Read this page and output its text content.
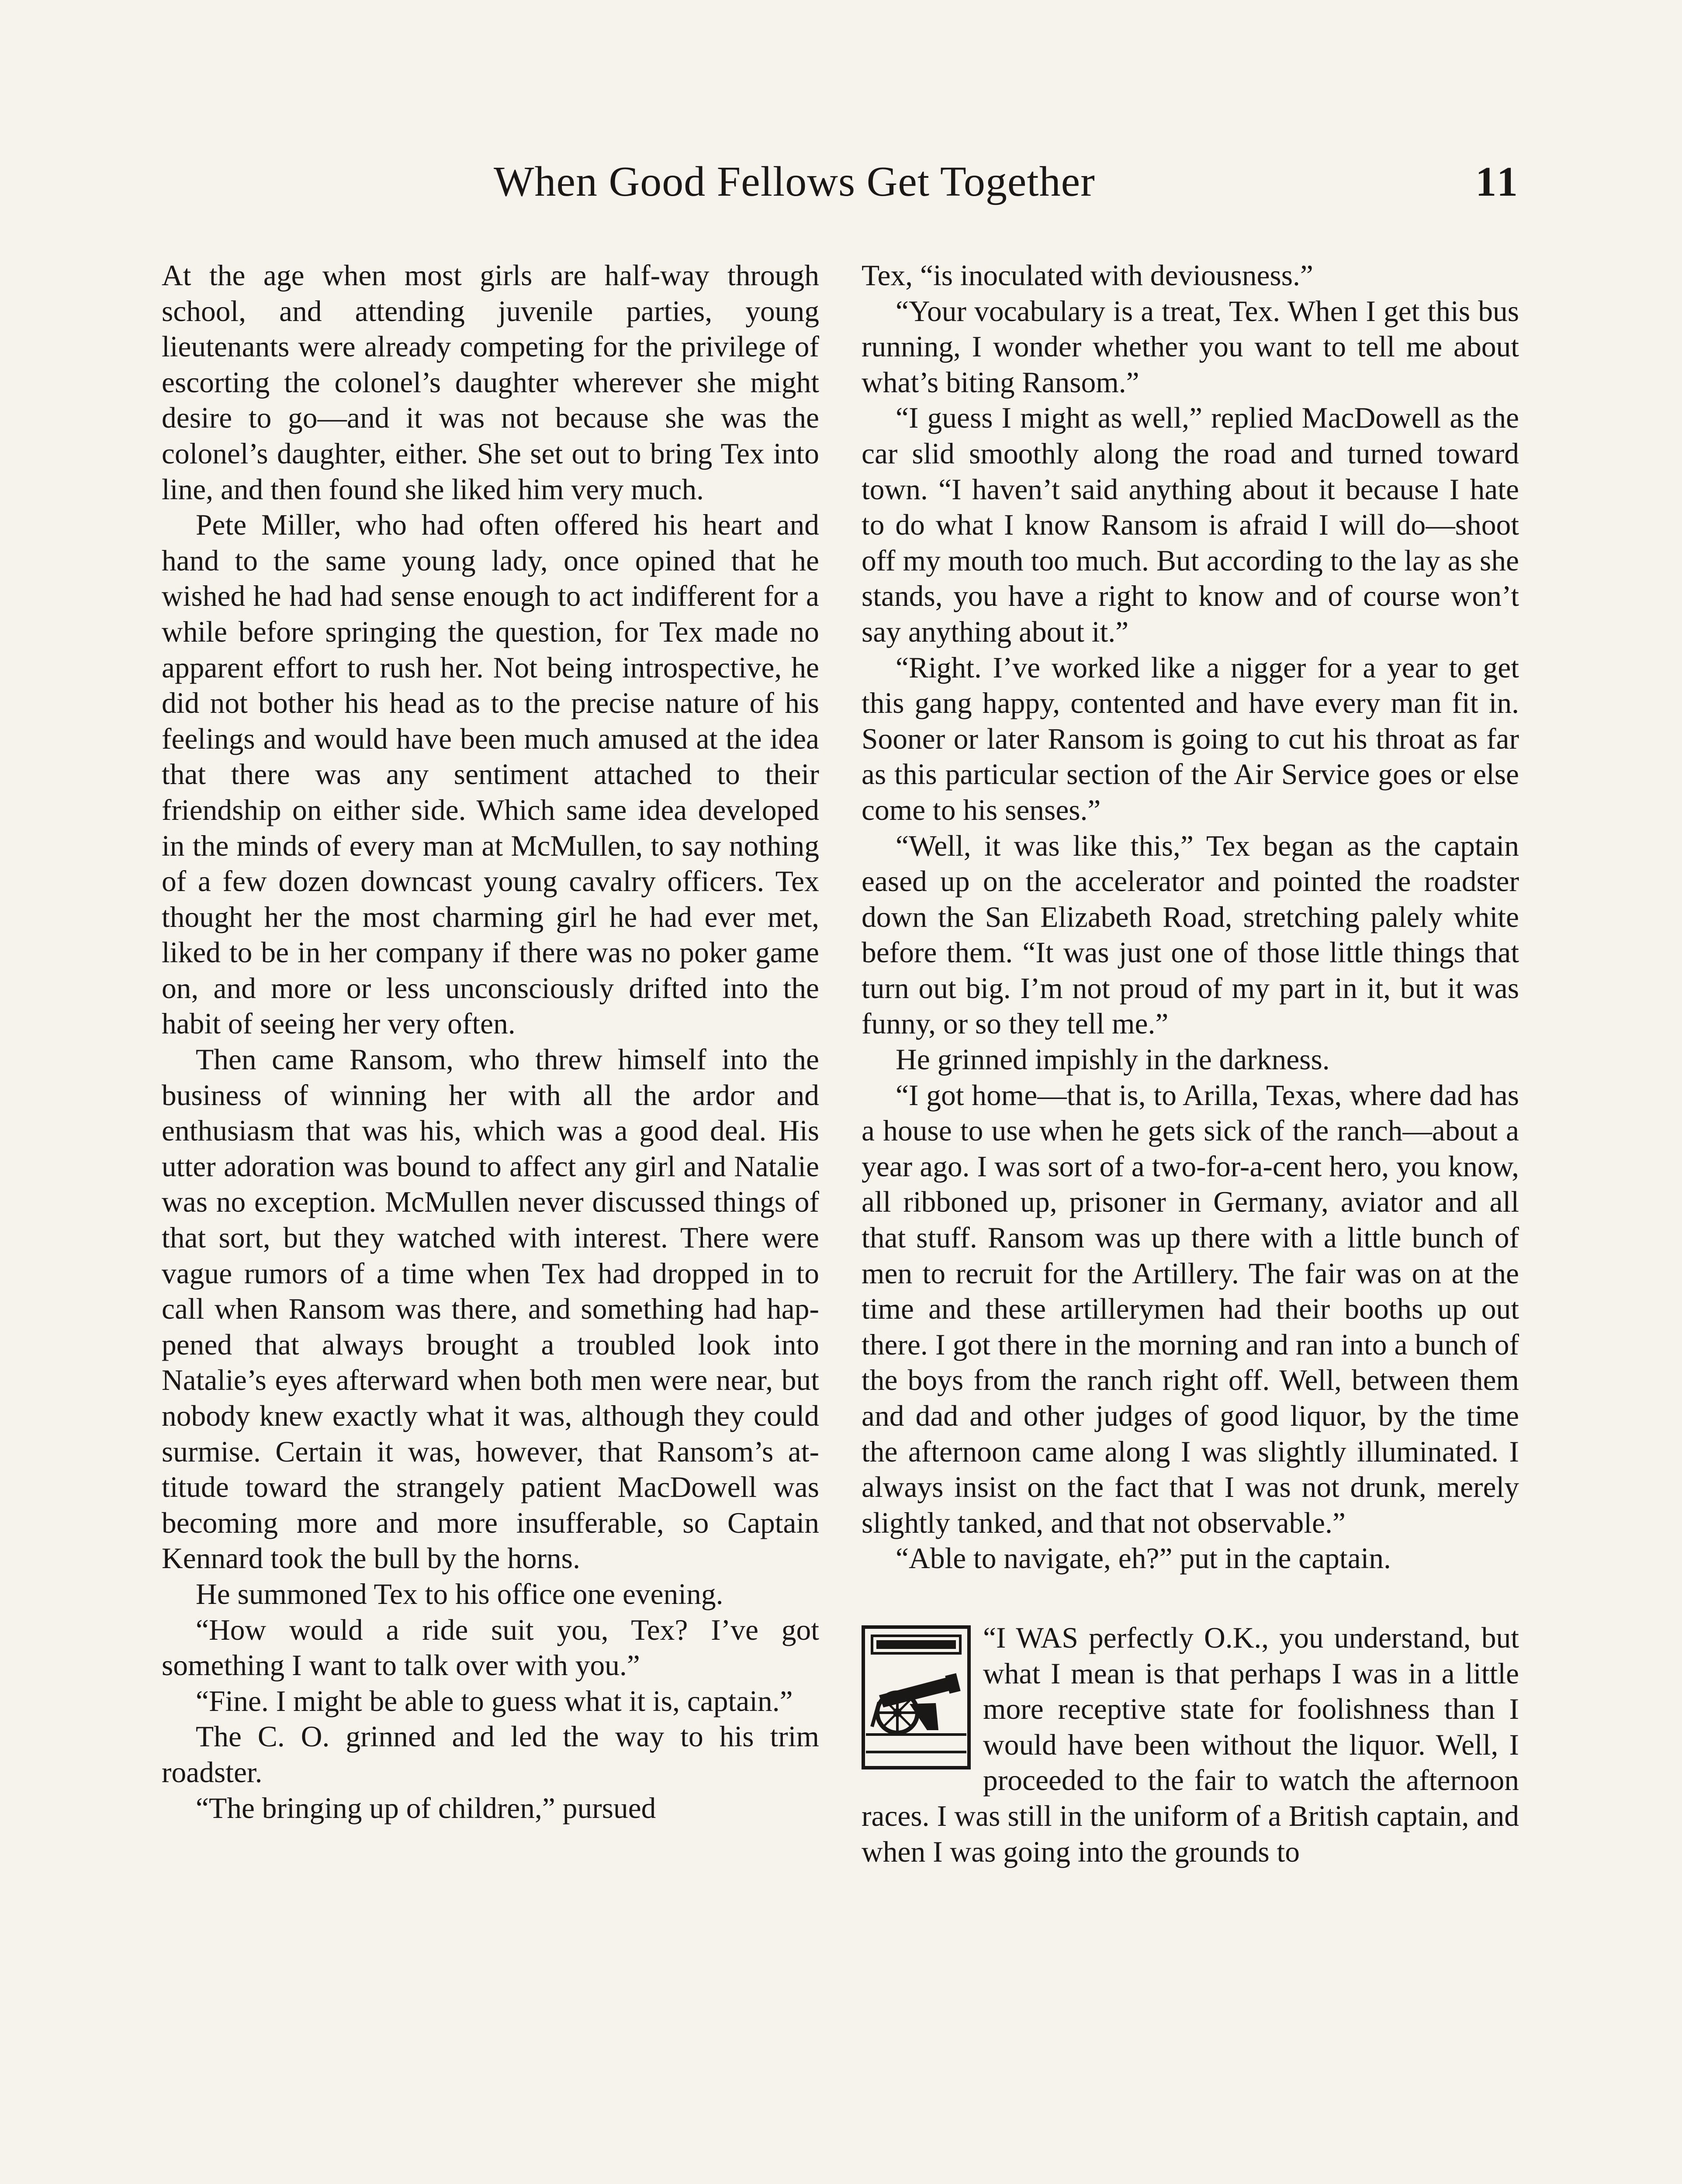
When Good Fellows Get Together	11

At the age when most girls are half-way through school, and attending juvenile parties, young lieutenants were already competing for the privilege of escorting the colonel’s daughter wherever she might desire to go—and it was not because she was the colonel’s daughter, either. She set out to bring Tex into line, and then found she liked him very much.

Pete Miller, who had often offered his heart and hand to the same young lady, once opined that he wished he had had sense enough to act indifferent for a while before springing the question, for Tex made no apparent effort to rush her. Not being introspective, he did not bother his head as to the precise nature of his feelings and would have been much amused at the idea that there was any sentiment attached to their friendship on either side. Which same idea developed in the minds of every man at McMullen, to say nothing of a few dozen downcast young cavalry officers. Tex thought her the most charming girl he had ever met, liked to be in her company if there was no poker game on, and more or less unconsciously drifted into the habit of seeing her very often.

Then came Ransom, who threw himself into the business of winning her with all the ardor and enthusiasm that was his, which was a good deal. His utter adoration was bound to affect any girl and Natalie was no exception. McMullen never discussed things of that sort, but they watched with interest. There were vague rumors of a time when Tex had dropped in to call when Ransom was there, and something had happened that always brought a troubled look into Natalie’s eyes afterward when both men were near, but nobody knew exactly what it was, although they could surmise. Certain it was, however, that Ransom’s attitude toward the strangely patient MacDowell was becoming more and more insufferable, so Captain Kennard took the bull by the horns.

He summoned Tex to his office one evening.

“How would a ride suit you, Tex? I’ve got something I want to talk over with you.”

“Fine. I might be able to guess what it is, captain.”

The C. O. grinned and led the way to his trim roadster.

“The bringing up of children,” pursued

Tex, “is inoculated with deviousness.”

“Your vocabulary is a treat, Tex. When I get this bus running, I wonder whether you want to tell me about what’s biting Ransom.”

“I guess I might as well,” replied MacDowell as the car slid smoothly along the road and turned toward town. “I haven’t said anything about it because I hate to do what I know Ransom is afraid I will do—shoot off my mouth too much. But according to the lay as she stands, you have a right to know and of course won’t say anything about it.”

“Right. I’ve worked like a nigger for a year to get this gang happy, contented and have every man fit in. Sooner or later Ransom is going to cut his throat as far as this particular section of the Air Service goes or else come to his senses.”

“Well, it was like this,” Tex began as the captain eased up on the accelerator and pointed the roadster down the San Elizabeth Road, stretching palely white before them. “It was just one of those little things that turn out big. I’m not proud of my part in it, but it was funny, or so they tell me.”

He grinned impishly in the darkness.

“I got home—that is, to Arilla, Texas, where dad has a house to use when he gets sick of the ranch—about a year ago. I was sort of a two-for-a-cent hero, you know, all ribboned up, prisoner in Germany, aviator and all that stuff. Ransom was up there with a little bunch of men to recruit for the Artillery. The fair was on at the time and these artillerymen had their booths up out there. I got there in the morning and ran into a bunch of the boys from the ranch right off. Well, between them and dad and other judges of good liquor, by the time the afternoon came along I was slightly illuminated. I always insist on the fact that I was not drunk, merely slightly tanked, and that not observable.”

“Able to navigate, eh?” put in the captain.

“I WAS perfectly O.K., you understand, but what I mean is that perhaps I was in a little more receptive state for foolishness than I would have been without the liquor. Well, I proceeded to the fair to watch the afternoon races. I was still in the uniform of a British captain, and when I was going into the grounds to
